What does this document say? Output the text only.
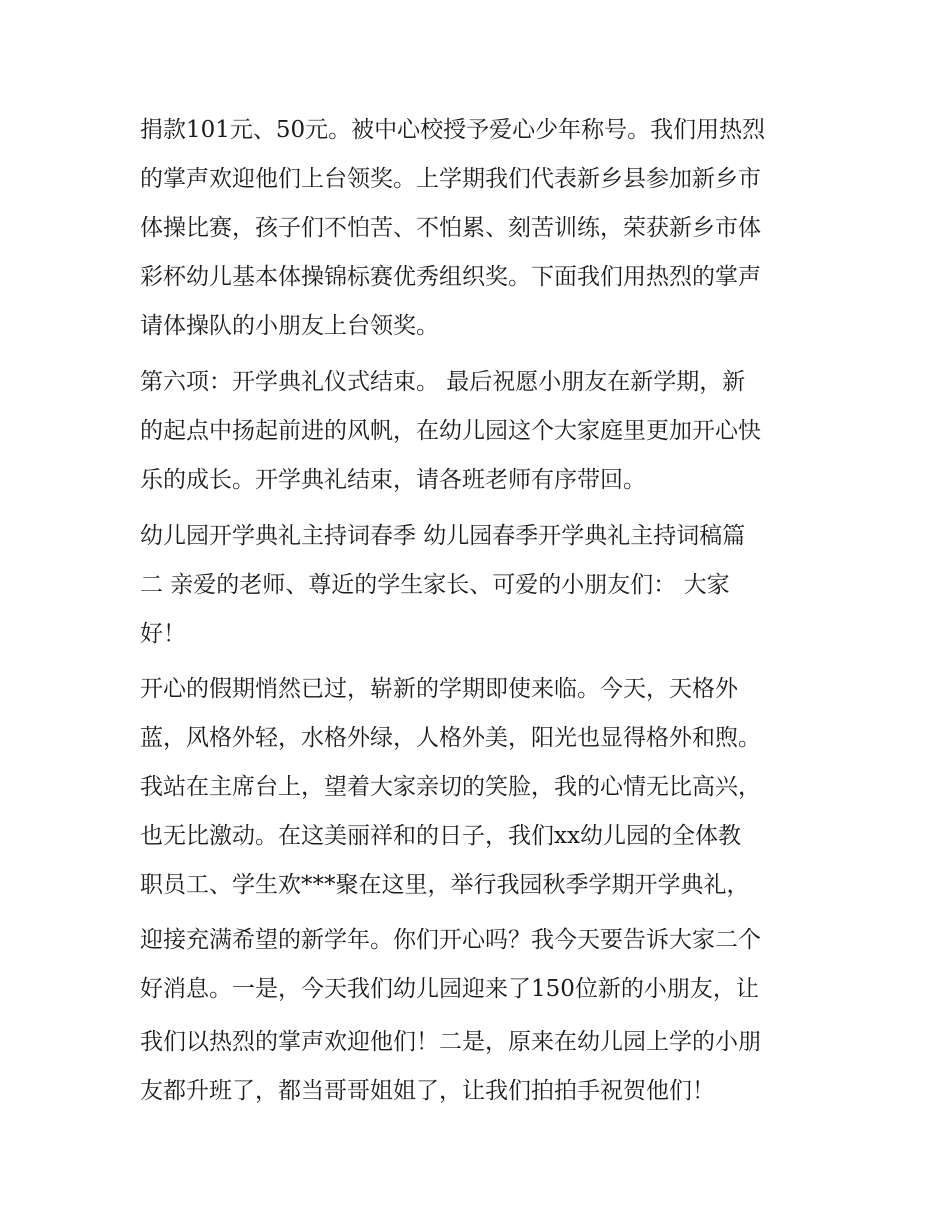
捐款101元、50元。被中心校授予爱心少年称号。我们用热烈
的掌声欢迎他们上台领奖。上学期我们代表新乡县参加新乡市
体操比赛，孩子们不怕苦、不怕累、刻苦训练，荣获新乡市体
彩杯幼儿基本体操锦标赛优秀组织奖。下面我们用热烈的掌声
请体操队的小朋友上台领奖。
第六项：开学典礼仪式结束。 最后祝愿小朋友在新学期，新
的起点中扬起前进的风帆，在幼儿园这个大家庭里更加开心快
乐的成长。开学典礼结束，请各班老师有序带回。
幼儿园开学典礼主持词春季 幼儿园春季开学典礼主持词稿篇
二 亲爱的老师、尊近的学生家长、可爱的小朋友们： 大家
好！
开心的假期悄然已过，崭新的学期即使来临。今天，天格外
蓝，风格外轻，水格外绿，人格外美，阳光也显得格外和煦。
我站在主席台上，望着大家亲切的笑脸，我的心情无比高兴，
也无比激动。在这美丽祥和的日子，我们xx幼儿园的全体教
职员工、学生欢***聚在这里，举行我园秋季学期开学典礼，
迎接充满希望的新学年。你们开心吗？我今天要告诉大家二个
好消息。一是，今天我们幼儿园迎来了150位新的小朋友，让
我们以热烈的掌声欢迎他们！二是，原来在幼儿园上学的小朋
友都升班了，都当哥哥姐姐了，让我们拍拍手祝贺他们！
